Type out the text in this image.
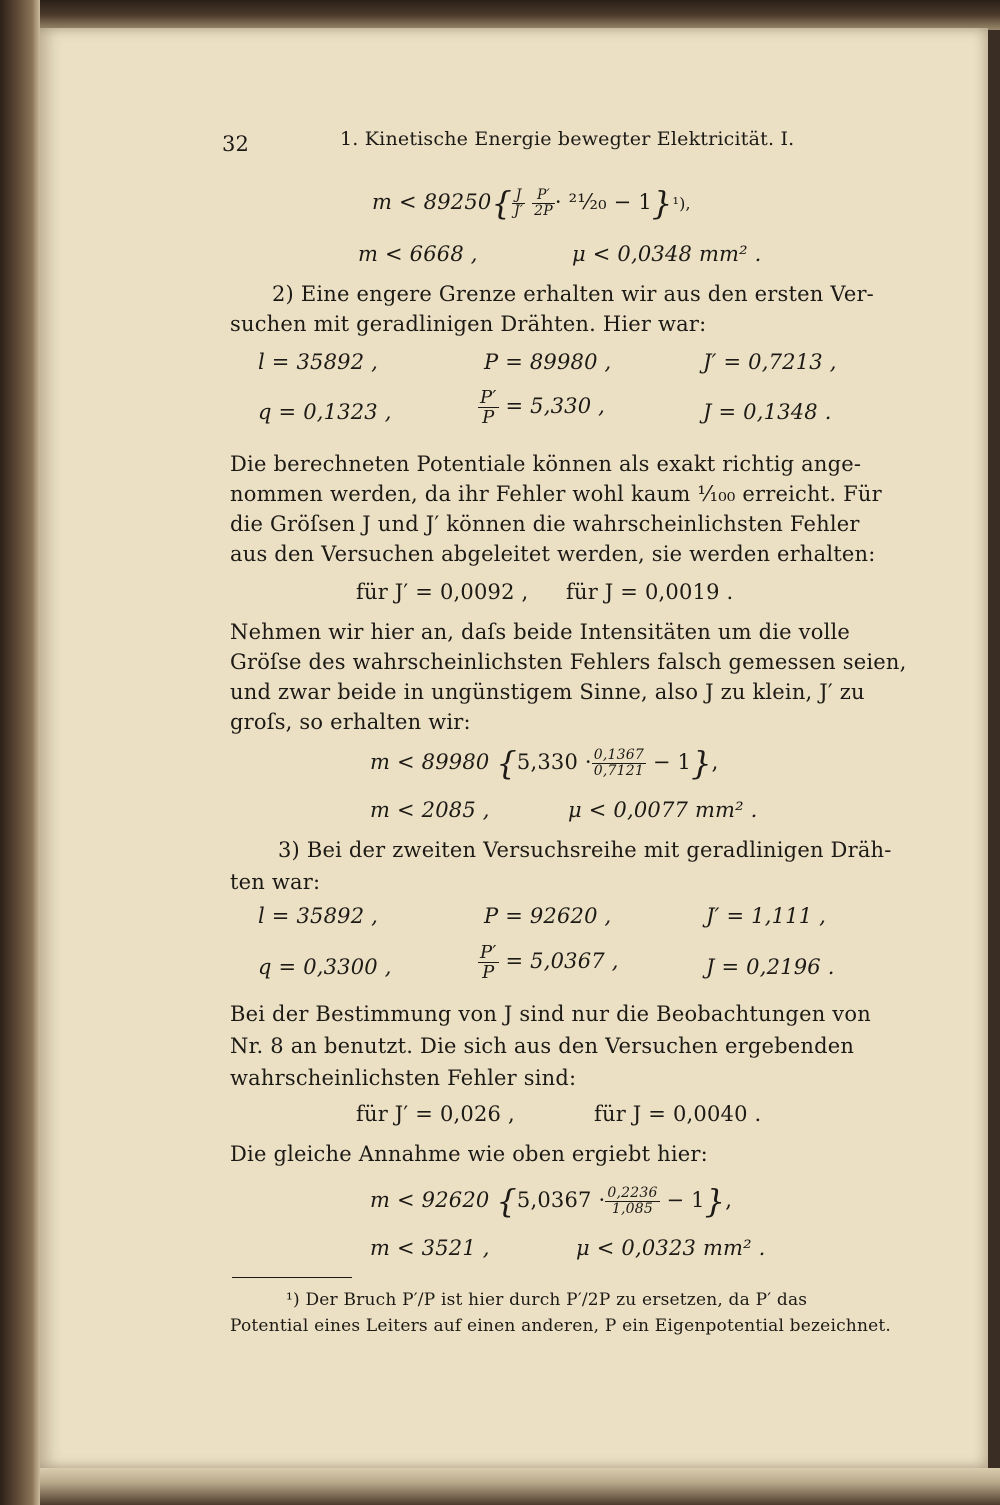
32	1. Kinetische Energie bewegter Elektricität. I.
$m < 89250\{ \frac{J}{J'}$
$\frac{P'}{2P}$ · ²¹⁄₂₀ − 1}¹),
m < 6668 ,	μ < 0,0348 mm² .
2) Eine engere Grenze erhalten wir aus den ersten Ver-
suchen mit geradlinigen Drähten. Hier war:
l = 35892 ,	P = 89980 ,	J′ = 0,7213 ,
q = 0,1323 ,	$\frac{P'}{P} = 5,330$ ,	J = 0,1348 .
Die berechneten Potentiale können als exakt richtig ange-
nommen werden, da ihr Fehler wohl kaum ¹⁄₁₀₀ erreicht. Für
die Gröſsen J und J′ können die wahrscheinlichsten Fehler
aus den Versuchen abgeleitet werden, sie werden erhalten:
für J′ = 0,0092 , für J = 0,0019 .
Nehmen wir hier an, daſs beide Intensitäten um die volle
Gröſse des wahrscheinlichsten Fehlers falsch gemessen seien,
und zwar beide in ungünstigem Sinne, also J zu klein, J′ zu
groſs, so erhalten wir:
m < 89980 $\{5,330 \cdot \frac{0,1367}{0,7121} - 1\}$,
m < 2085 ,	μ < 0,0077 mm² .
3) Bei der zweiten Versuchsreihe mit geradlinigen Dräh-
ten war:
l = 35892 ,	P = 92620 ,	J′ = 1,111 ,
q = 0,3300 ,	$\frac{P'}{P} = 5,0367$ ,	J = 0,2196 .
Bei der Bestimmung von J sind nur die Beobachtungen von
Nr. 8 an benutzt. Die sich aus den Versuchen ergebenden
wahrscheinlichsten Fehler sind:
für J′ = 0,026 ,	für J = 0,0040 .
Die gleiche Annahme wie oben ergiebt hier:
m < 92620 $\{5,0367 \cdot \frac{0,2236}{1,085} - 1\}$,
m < 3521 ,	μ < 0,0323 mm² .
¹) Der Bruch P′/P ist hier durch P′/2P zu ersetzen, da P′ das
Potential eines Leiters auf einen anderen, P ein Eigenpotential bezeichnet.
